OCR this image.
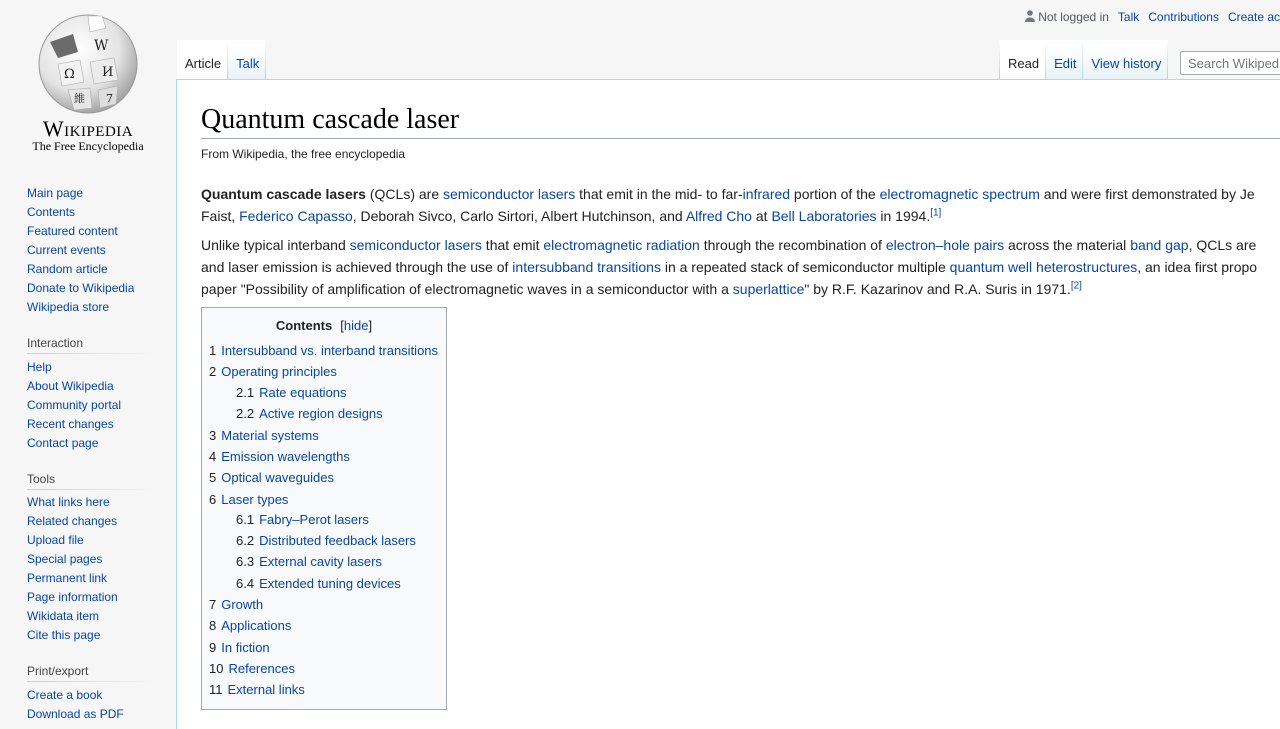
W
Ω И
維 7
Wikipedia
The Free Encyclopedia
Main page
Contents
Featured content
Current events
Random article
Donate to Wikipedia
Wikipedia store
Interaction
Help
About Wikipedia
Community portal
Recent changes
Contact page
Tools
What links here
Related changes
Upload file
Special pages
Permanent link
Page information
Wikidata item
Cite this page
Print/export
Create a book
Download as PDF
Not logged in Talk Contributions Create ac
Article	Talk	Read	Edit	View history	Search Wikiped
Quantum cascade laser
From Wikipedia, the free encyclopedia

Quantum cascade lasers (QCLs) are semiconductor lasers that emit in the mid- to far-infrared portion of the electromagnetic spectrum and were first demonstrated by Je

Faist, Federico Capasso, Deborah Sivco, Carlo Sirtori, Albert Hutchinson, and Alfred Cho at Bell Laboratories in 1994.[1]

Unlike typical interband semiconductor lasers that emit electromagnetic radiation through the recombination of electron–hole pairs across the material band gap, QCLs are

and laser emission is achieved through the use of intersubband transitions in a repeated stack of semiconductor multiple quantum well heterostructures, an idea first propo

paper "Possibility of amplification of electromagnetic waves in a semiconductor with a superlattice" by R.F. Kazarinov and R.A. Suris in 1971.[2]

Contents [hide]
1 Intersubband vs. interband transitions
2 Operating principles
2.1 Rate equations
2.2 Active region designs
3 Material systems
4 Emission wavelengths
5 Optical waveguides
6 Laser types
6.1 Fabry–Perot lasers
6.2 Distributed feedback lasers
6.3 External cavity lasers
6.4 Extended tuning devices
7 Growth
8 Applications
9 In fiction
10 References
11 External links
